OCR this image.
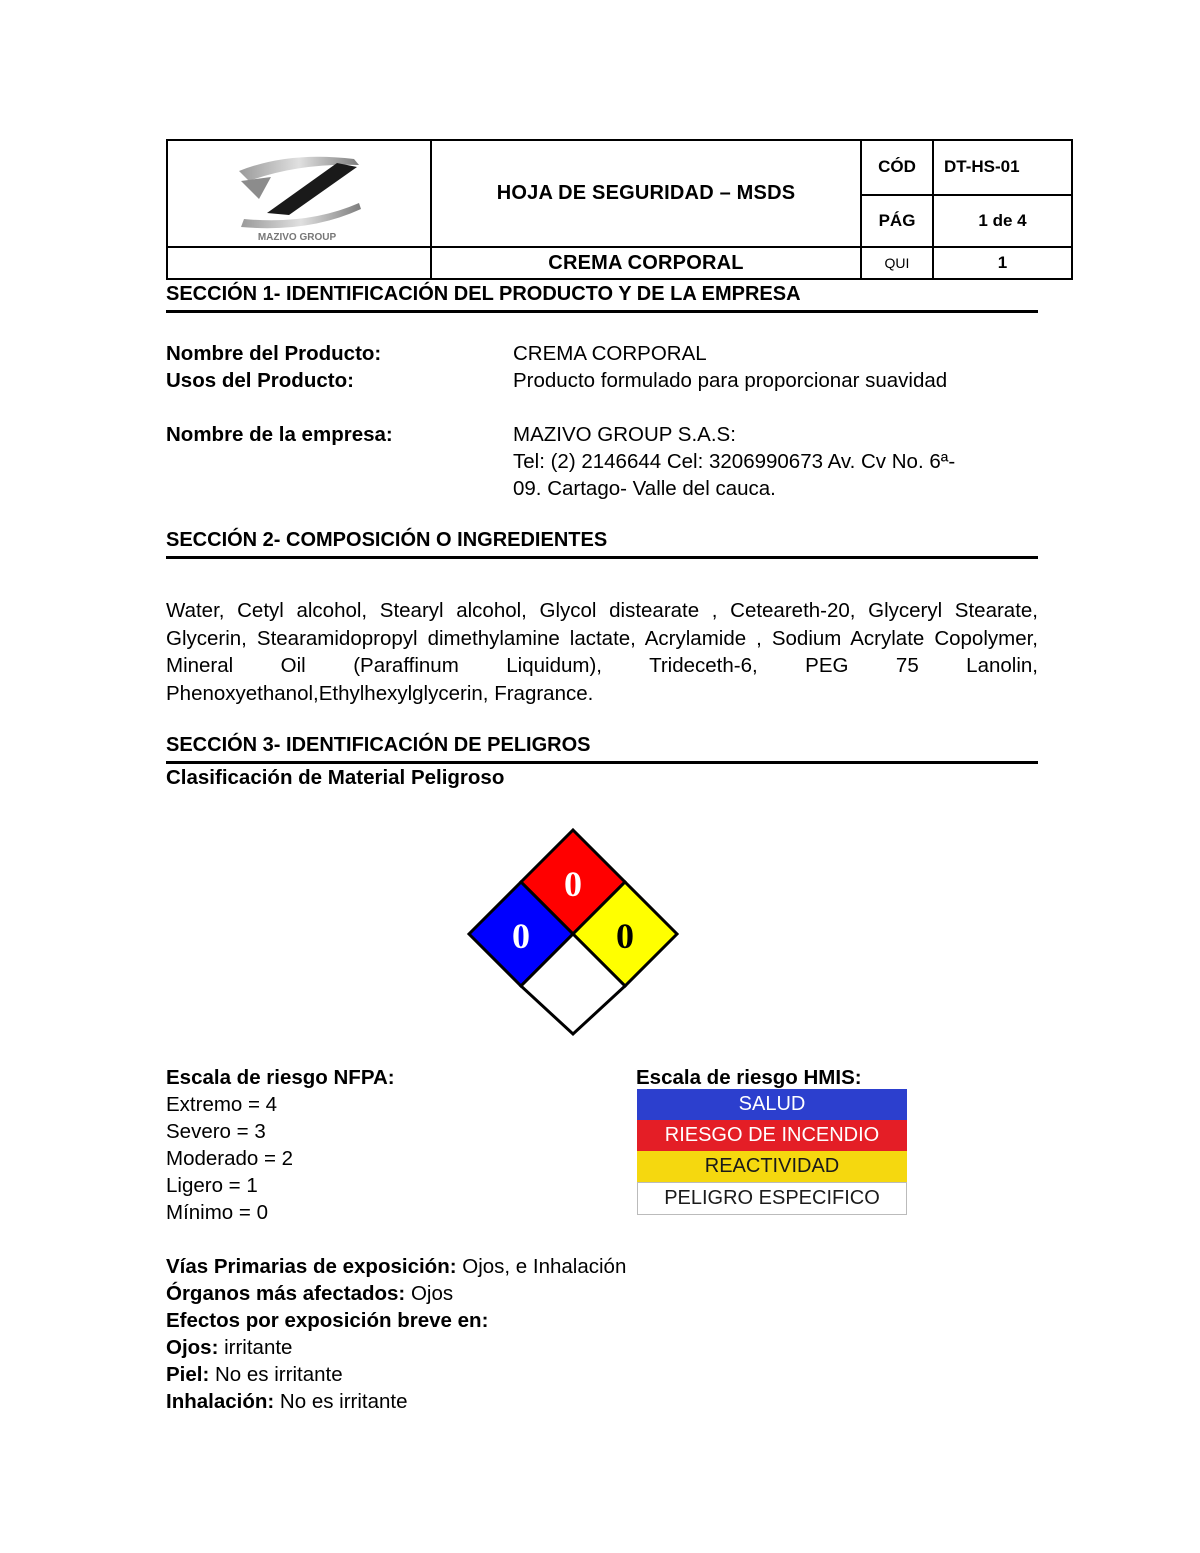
MAZIVO GROUP	HOJA DE SEGURIDAD – MSDS	CÓD	DT-HS-01
		PÁG	1 de 4
	CREMA CORPORAL	QUI	1
SECCIÓN 1- IDENTIFICACIÓN DEL PRODUCTO Y DE LA EMPRESA
Nombre del Producto:	CREMA CORPORAL
Usos del Producto:	Producto formulado para proporcionar suavidad
Nombre de la empresa:	MAZIVO GROUP S.A.S:
Tel: (2) 2146644 Cel: 3206990673 Av. Cv No. 6ª-
09. Cartago- Valle del cauca.
SECCIÓN 2- COMPOSICIÓN O INGREDIENTES
Water, Cetyl alcohol, Stearyl alcohol, Glycol distearate , Ceteareth-20, Glyceryl Stearate, Glycerin, Stearamidopropyl dimethylamine lactate, Acrylamide , Sodium Acrylate Copolymer, Mineral Oil (Paraffinum Liquidum), Trideceth-6, PEG 75 Lanolin, Phenoxyethanol,Ethylhexylglycerin, Fragrance.
SECCIÓN 3- IDENTIFICACIÓN DE PELIGROS
Clasificación de Material Peligroso
0
0 0
Escala de riesgo NFPA:
Extremo = 4
Severo = 3
Moderado = 2
Ligero = 1
Mínimo = 0
Escala de riesgo HMIS:
SALUD
RIESGO DE INCENDIO
REACTIVIDAD
PELIGRO ESPECIFICO
Vías Primarias de exposición: Ojos, e Inhalación
Órganos más afectados: Ojos
Efectos por exposición breve en:
Ojos: irritante
Piel: No es irritante
Inhalación: No es irritante
